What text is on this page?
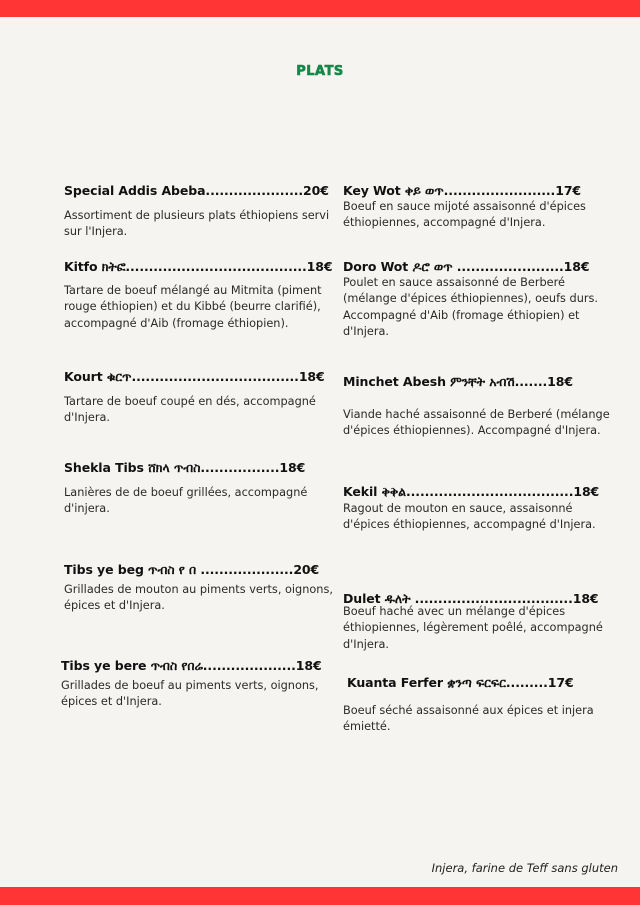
PLATS
Special Addis Abeba.....................20€

Assortiment de plusieurs plats éthiopiens servi sur l'Injera.

Kitfo ክትፎ.......................................18€

Tartare de boeuf mélangé au Mitmita (piment rouge éthiopien) et du Kibbé (beurre clarifié), accompagné d'Aib (fromage éthiopien).

Kourt ቁርጥ....................................18€

Tartare de boeuf coupé en dés, accompagné d'Injera.

Shekla Tibs ሸክላ ጥብስ.................18€

Lanières de de boeuf grillées, accompagné d'injera.

Tibs ye beg ጥብስ የ በ ....................20€

Grillades de mouton au piments verts, oignons, épices et d'Injera.

Tibs ye bere ጥብስ የበሬ....................18€

Grillades de boeuf au piments verts, oignons, épices et d'Injera.

Key Wot ቀይ ወጥ........................17€

Boeuf en sauce mijoté assaisonné d'épices éthiopiennes, accompagné d'Injera.

Doro Wot ዶሮ ወጥ .......................18€

Poulet en sauce assaisonné de Berberé (mélange d'épices éthiopiennes), oeufs durs. Accompagné d'Aib (fromage éthiopien) et d'Injera.

Minchet Abesh ምንቸት አብሽ.......18€

Viande haché assaisonné de Berberé (mélange d'épices éthiopiennes). Accompagné d'Injera.

Kekil ቅቅል....................................18€

Ragout de mouton en sauce, assaisonné d'épices éthiopiennes, accompagné d'Injera.

Dulet ዱለት ..................................18€

Boeuf haché avec un mélange d'épices éthiopiennes, légèrement poêlé, accompagné d'Injera.

Kuanta Ferfer ቋንጣ ፍርፍር.........17€

Boeuf séché assaisonné aux épices et injera émietté.

Injera, farine de Teff sans gluten
